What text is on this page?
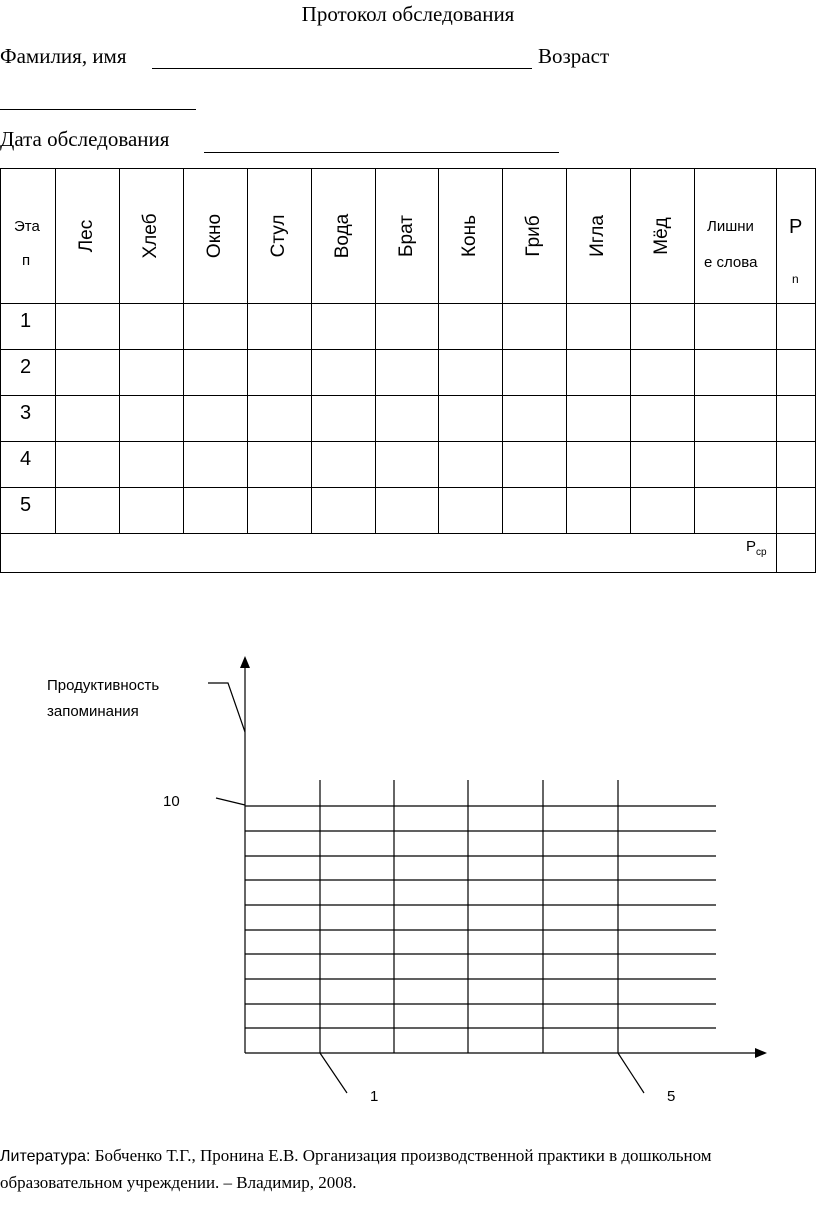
Протокол обследования
Фамилия, имя	Возраст
Дата обследования
Эта
п
Лес Хлеб Окно Стул Вода Брат Конь Гриб Игла Мёд Лишни
е слова
Р
n
1
2
3
4
5
$Р_{ср}$
Продуктивность
запоминания
10
1	5
Литература: Бобченко Т.Г., Пронина Е.В. Организация производственной практики в дошкольном образовательном учреждении. – Владимир, 2008.
